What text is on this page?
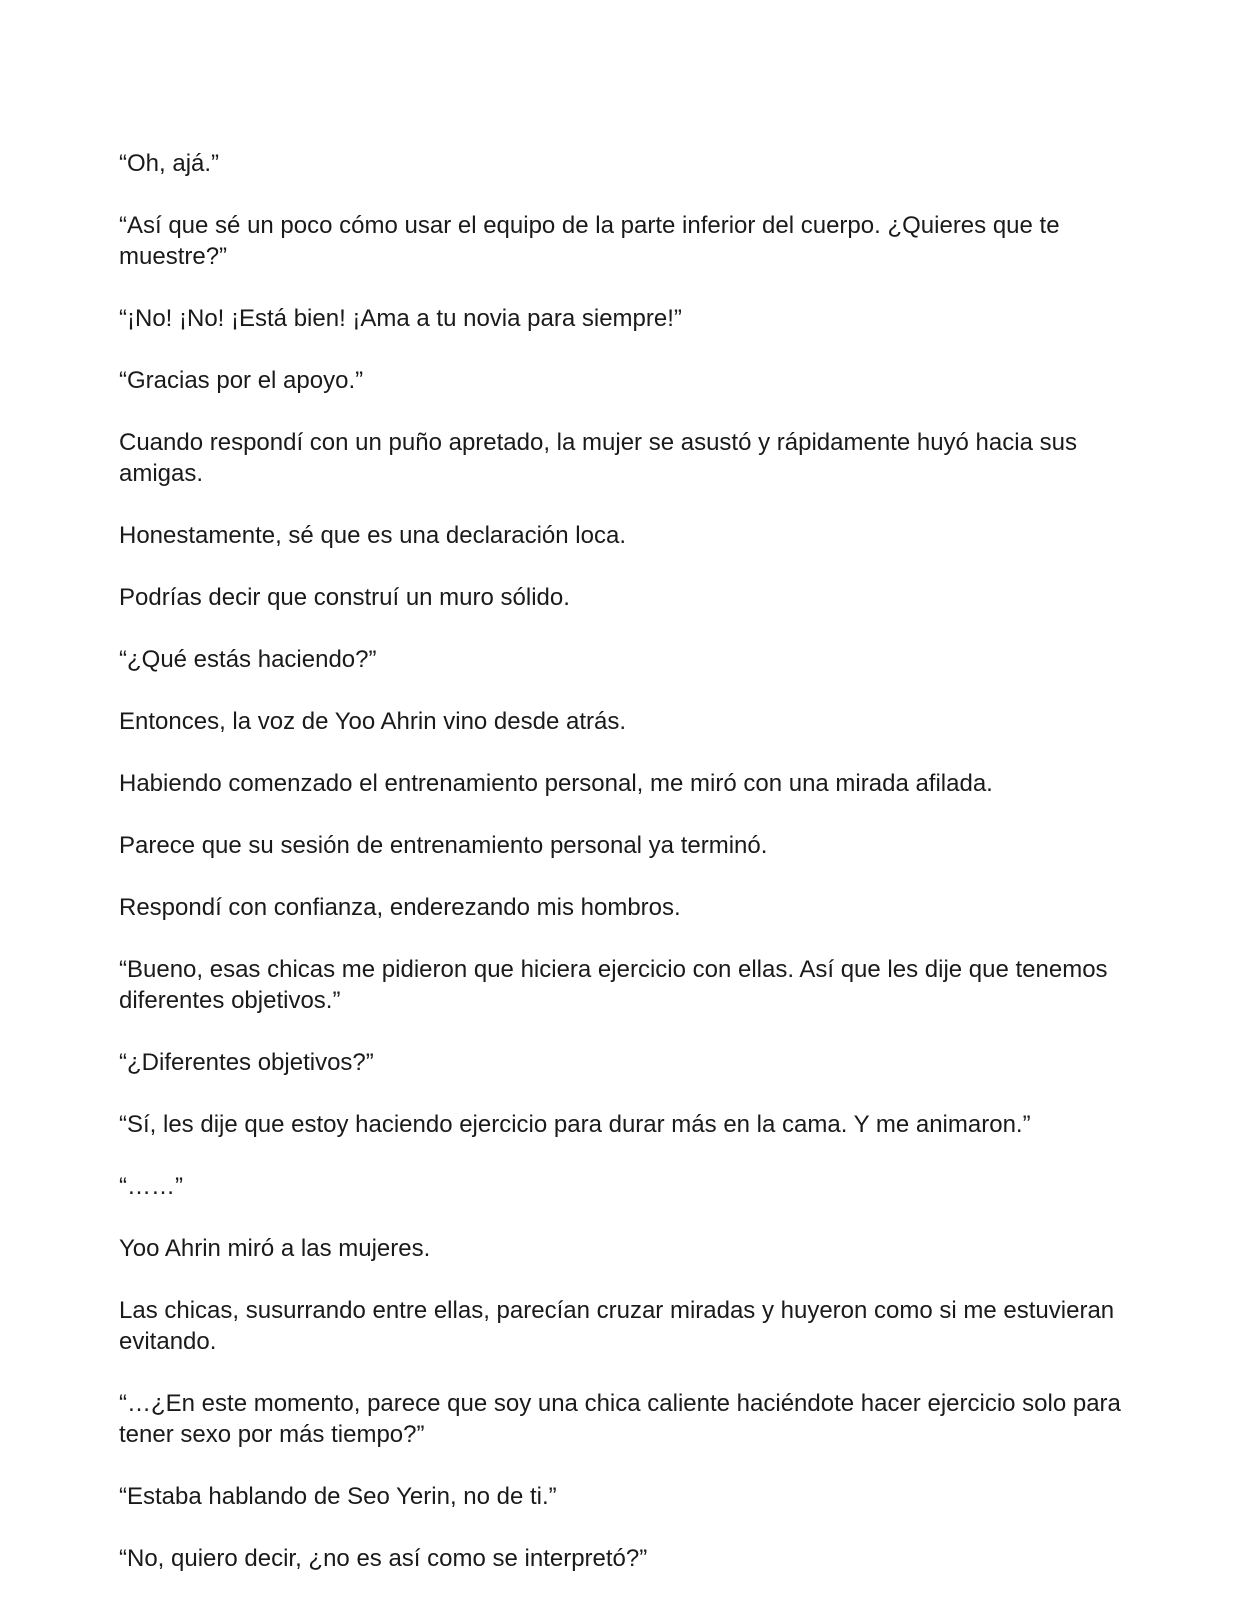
“Oh, ajá.”

“Así que sé un poco cómo usar el equipo de la parte inferior del cuerpo. ¿Quieres que te muestre?”

“¡No! ¡No! ¡Está bien! ¡Ama a tu novia para siempre!”

“Gracias por el apoyo.”

Cuando respondí con un puño apretado, la mujer se asustó y rápidamente huyó hacia sus amigas.

Honestamente, sé que es una declaración loca.

Podrías decir que construí un muro sólido.

“¿Qué estás haciendo?”

Entonces, la voz de Yoo Ahrin vino desde atrás.

Habiendo comenzado el entrenamiento personal, me miró con una mirada afilada.

Parece que su sesión de entrenamiento personal ya terminó.

Respondí con confianza, enderezando mis hombros.

“Bueno, esas chicas me pidieron que hiciera ejercicio con ellas. Así que les dije que tenemos diferentes objetivos.”

“¿Diferentes objetivos?”

“Sí, les dije que estoy haciendo ejercicio para durar más en la cama. Y me animaron.”

“……”

Yoo Ahrin miró a las mujeres.

Las chicas, susurrando entre ellas, parecían cruzar miradas y huyeron como si me estuvieran evitando.

“…¿En este momento, parece que soy una chica caliente haciéndote hacer ejercicio solo para tener sexo por más tiempo?”

“Estaba hablando de Seo Yerin, no de ti.”

“No, quiero decir, ¿no es así como se interpretó?”
